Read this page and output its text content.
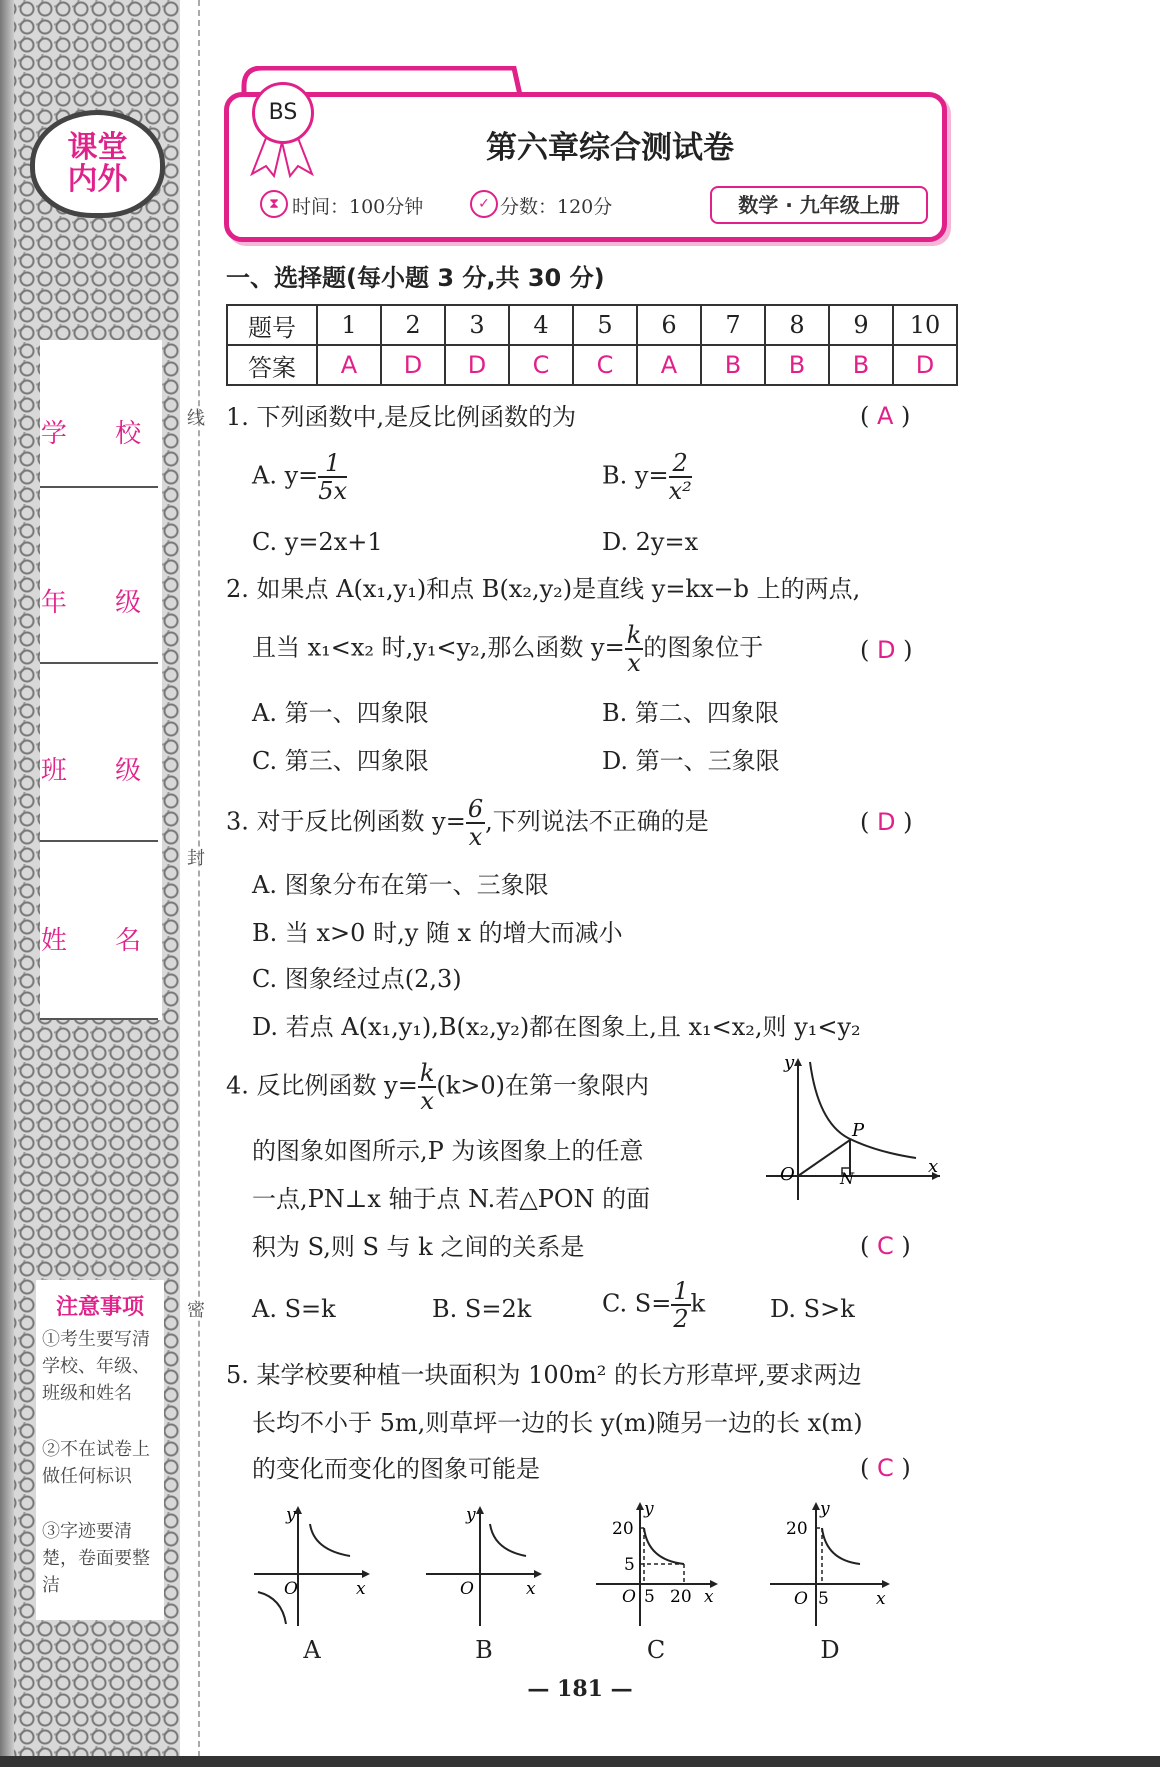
课堂内外
学 校
年 级
班 级
姓 名
注意事项
①考生要写清学校、年级、班级和姓名
②不在试卷上做任何标识
③字迹要清楚，卷面要整洁
线
封
密
BS
第六章综合测试卷
⧗ 时间：100分钟	✓ 分数：120分	数学 · 九年级上册
一、选择题(每小题 3 分,共 30 分)
题号	1	2	3	4	5	6	7	8	9	10
答案	A	D	D	C	C	A	B	B	B	D
1. 下列函数中,是反比例函数的为	( A )
A. $y= \frac{1}{5x}$	B. $y= \frac{2}{\text{x²}}$
C. y=2x+1	D. 2y=x
2. 如果点 A(x₁,y₁)和点 B(x₂,y₂)是直线 y=kx−b 上的两点,
且当 x₁<x₂ 时,y₁<y₂,那么函数 $y= \frac{k}{x}$ 的图象位于	( D )
A. 第一、四象限	B. 第二、四象限
C. 第三、四象限	D. 第一、三象限
3. 对于反比例函数 $y= \frac{6}{x}$ ,下列说法不正确的是	( D )
A. 图象分布在第一、三象限
B. 当 x>0 时,y 随 x 的增大而减小
C. 图象经过点(2,3)
D. 若点 A(x₁,y₁),B(x₂,y₂)都在图象上,且 x₁<x₂,则 y₁<y₂
4. 反比例函数 $y= \frac{k}{x} (k>0)$在第一象限内
的图象如图所示,P 为该图象上的任意
一点,PN⊥x 轴于点 N.若△PON 的面
积为 S,则 S 与 k 之间的关系是	( C )
y
P
O	N
x
A. S=k	B. S=2k	C. $S= \frac{1}{2}$ k	D. S>k
5. 某学校要种植一块面积为 100m² 的长方形草坪,要求两边
长均不小于 5m,则草坪一边的长 y(m)随另一边的长 x(m)
的变化而变化的图象可能是	( C )
y
O	x
A
y
O	x
B
y
20
5
O 5 20 x
C
y
20
O 5	x
D
— 181 —
